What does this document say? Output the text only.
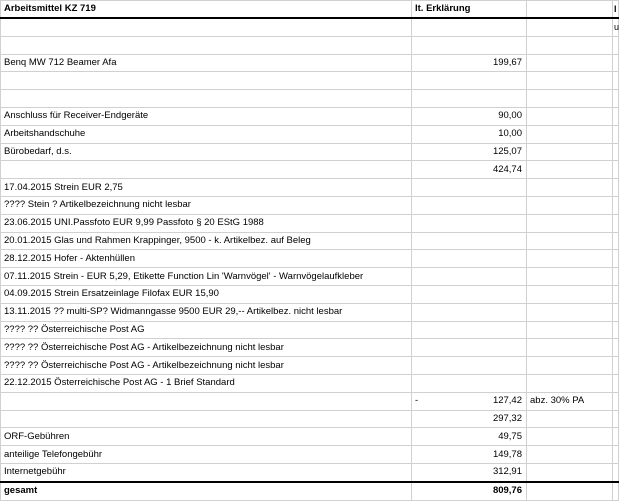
Arbeitsmittel KZ 719	lt. Erklärung		l
			u

Benq MW 712 Beamer Afa	199,67		

Anschluss für Receiver-Endgeräte	90,00		
Arbeitshandschuhe	10,00		
Bürobedarf, d.s.	125,07		
	424,74		
17.04.2015 Strein EUR 2,75			
???? Stein ? Artikelbezeichnung nicht lesbar			
23.06.2015 UNI.Passfoto EUR 9,99 Passfoto § 20 EStG 1988			
20.01.2015 Glas und Rahmen Krappinger, 9500 - k. Artikelbez. auf Beleg			
28.12.2015 Hofer - Aktenhüllen			
07.11.2015 Strein - EUR 5,29, Etikette Function Lin 'Warnvögel' - Warnvögelaufkleber			
04.09.2015 Strein Ersatzeinlage Filofax EUR 15,90			
13.11.2015 ?? multi-SP? Widmanngasse 9500 EUR 29,-- Artikelbez. nicht lesbar			
???? ?? Österreichische Post AG			
???? ?? Österreichische Post AG - Artikelbezeichnung nicht lesbar			
???? ?? Österreichische Post AG - Artikelbezeichnung nicht lesbar			
22.12.2015 Österreichische Post AG - 1 Brief Standard			

	- 127,42	abz. 30% PA	
	297,32		
ORF-Gebühren	49,75		
anteilige Telefongebühr	149,78		
Internetgebühr	312,91		
gesamt	809,76		
